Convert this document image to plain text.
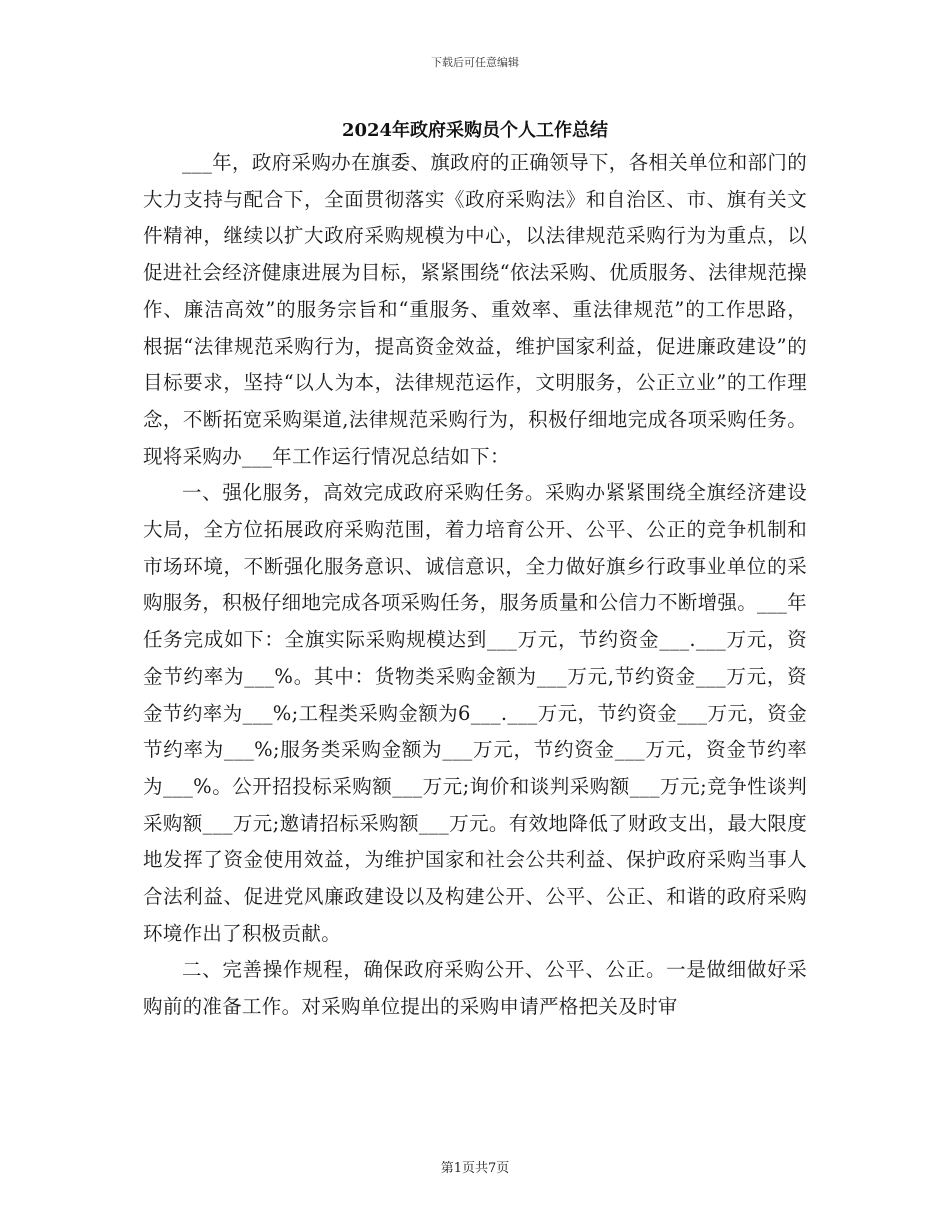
下载后可任意编辑
2024年政府采购员个人工作总结

___年，政府采购办在旗委、旗政府的正确领导下，各相关单位和部门的大力支持与配合下，全面贯彻落实《政府采购法》和自治区、市、旗有关文件精神，继续以扩大政府采购规模为中心，以法律规范采购行为为重点，以促进社会经济健康进展为目标，紧紧围绕“依法采购、优质服务、法律规范操作、廉洁高效”的服务宗旨和“重服务、重效率、重法律规范”的工作思路，根据“法律规范采购行为，提高资金效益，维护国家利益，促进廉政建设”的目标要求，坚持“以人为本，法律规范运作，文明服务，公正立业”的工作理念，不断拓宽采购渠道,法律规范采购行为，积极仔细地完成各项采购任务。现将采购办___年工作运行情况总结如下：

一、强化服务，高效完成政府采购任务。采购办紧紧围绕全旗经济建设大局，全方位拓展政府采购范围，着力培育公开、公平、公正的竞争机制和市场环境，不断强化服务意识、诚信意识，全力做好旗乡行政事业单位的采购服务，积极仔细地完成各项采购任务，服务质量和公信力不断增强。___年任务完成如下：全旗实际采购规模达到___万元，节约资金___.___万元，资金节约率为___%。其中：货物类采购金额为___万元,节约资金___万元，资金节约率为___%;工程类采购金额为6___.___万元，节约资金___万元，资金节约率为___%;服务类采购金额为___万元，节约资金___万元，资金节约率为___%。公开招投标采购额___万元;询价和谈判采购额___万元;竞争性谈判采购额___万元;邀请招标采购额___万元。有效地降低了财政支出，最大限度地发挥了资金使用效益，为维护国家和社会公共利益、保护政府采购当事人合法利益、促进党风廉政建设以及构建公开、公平、公正、和谐的政府采购环境作出了积极贡献。

二、完善操作规程，确保政府采购公开、公平、公正。一是做细做好采购前的准备工作。对采购单位提出的采购申请严格把关及时审

第1页共7页
